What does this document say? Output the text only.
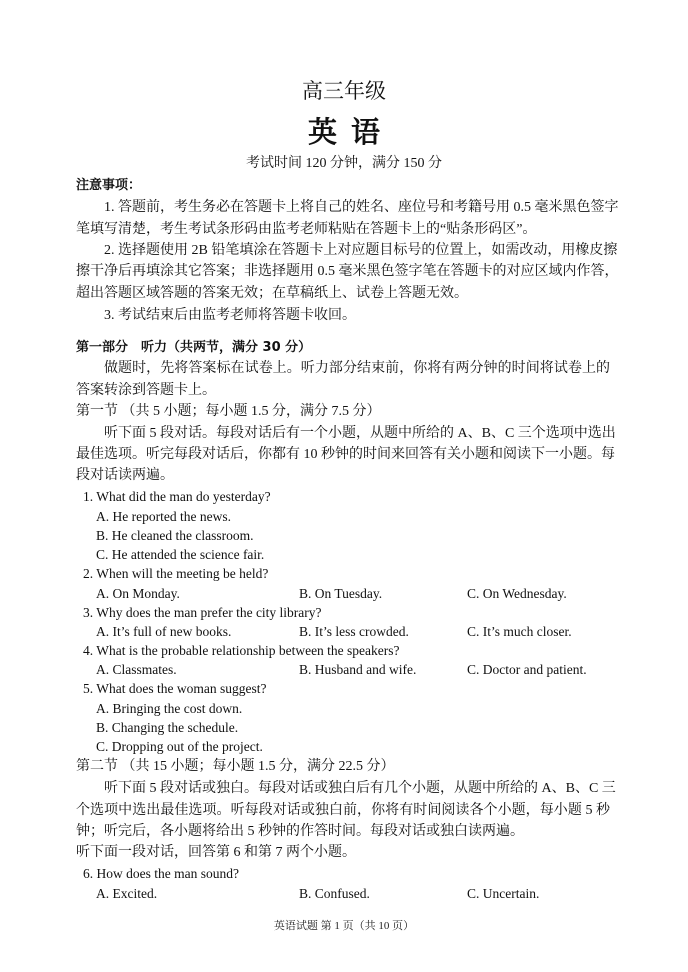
高三年级
英语
考试时间 120 分钟，满分 150 分
注意事项：
1. 答题前，考生务必在答题卡上将自己的姓名、座位号和考籍号用 0.5 毫米黑色签字
笔填写清楚，考生考试条形码由监考老师粘贴在答题卡上的“贴条形码区”。
2. 选择题使用 2B 铅笔填涂在答题卡上对应题目标号的位置上，如需改动，用橡皮擦
擦干净后再填涂其它答案；非选择题用 0.5 毫米黑色签字笔在答题卡的对应区域内作答，
超出答题区域答题的答案无效；在草稿纸上、试卷上答题无效。
3. 考试结束后由监考老师将答题卡收回。
第一部分　听力（共两节，满分 30 分）
做题时，先将答案标在试卷上。听力部分结束前，你将有两分钟的时间将试卷上的
答案转涂到答题卡上。
第一节 （共 5 小题；每小题 1.5 分，满分 7.5 分）
听下面 5 段对话。每段对话后有一个小题，从题中所给的 A、B、C 三个选项中选出
最佳选项。听完每段对话后，你都有 10 秒钟的时间来回答有关小题和阅读下一小题。每
段对话读两遍。
1. What did the man do yesterday?
A. He reported the news.
B. He cleaned the classroom.
C. He attended the science fair.
2. When will the meeting be held?
A. On Monday.	B. On Tuesday.	C. On Wednesday.
3. Why does the man prefer the city library?
A. It’s full of new books.	B. It’s less crowded.	C. It’s much closer.
4. What is the probable relationship between the speakers?
A. Classmates.	B. Husband and wife.	C. Doctor and patient.
5. What does the woman suggest?
A. Bringing the cost down.
B. Changing the schedule.
C. Dropping out of the project.
第二节 （共 15 小题；每小题 1.5 分，满分 22.5 分）
听下面 5 段对话或独白。每段对话或独白后有几个小题，从题中所给的 A、B、C 三
个选项中选出最佳选项。听每段对话或独白前，你将有时间阅读各个小题，每小题 5 秒
钟；听完后，各小题将给出 5 秒钟的作答时间。每段对话或独白读两遍。
听下面一段对话，回答第 6 和第 7 两个小题。
6. How does the man sound?
A. Excited.	B. Confused.	C. Uncertain.
英语试题 第 1 页（共 10 页）
